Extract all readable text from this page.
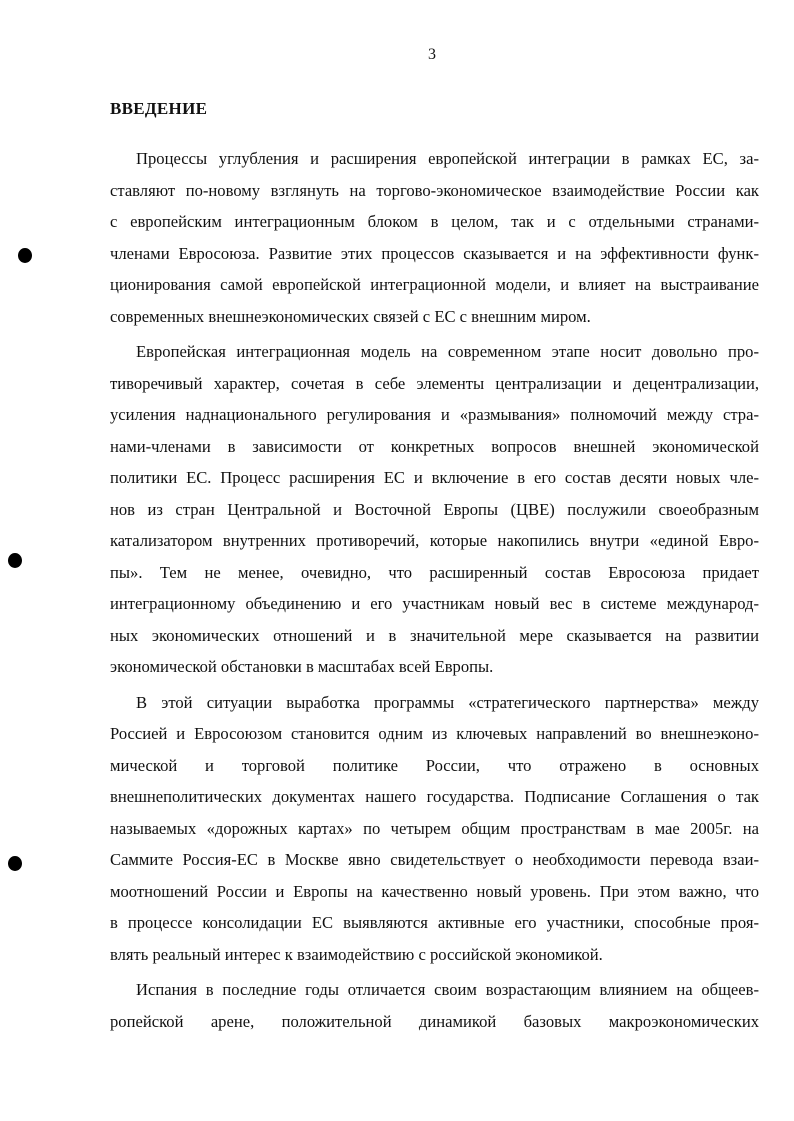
3
ВВЕДЕНИЕ
Процессы углубления и расширения европейской интеграции в рамках ЕС, за-
ставляют по-новому взглянуть на торгово-экономическое взаимодействие России как
с европейским интеграционным блоком в целом, так и с отдельными странами-
членами Евросоюза. Развитие этих процессов сказывается и на эффективности функ-
ционирования самой европейской интеграционной модели, и влияет на выстраивание
современных внешнеэкономических связей с ЕС с внешним миром.
Европейская интеграционная модель на современном этапе носит довольно про-
тиворечивый характер, сочетая в себе элементы централизации и децентрализации,
усиления наднационального регулирования и «размывания» полномочий между стра-
нами-членами в зависимости от конкретных вопросов внешней экономической
политики ЕС. Процесс расширения ЕС и включение в его состав десяти новых чле-
нов из стран Центральной и Восточной Европы (ЦВЕ) послужили своеобразным
катализатором внутренних противоречий, которые накопились внутри «единой Евро-
пы». Тем не менее, очевидно, что расширенный состав Евросоюза придает
интеграционному объединению и его участникам новый вес в системе международ-
ных экономических отношений и в значительной мере сказывается на развитии
экономической обстановки в масштабах всей Европы.
В этой ситуации выработка программы «стратегического партнерства» между
Россией и Евросоюзом становится одним из ключевых направлений во внешнеэконо-
мической и торговой политике России, что отражено в основных
внешнеполитических документах нашего государства. Подписание Соглашения о так
называемых «дорожных картах» по четырем общим пространствам в мае 2005г. на
Саммите Россия-ЕС в Москве явно свидетельствует о необходимости перевода взаи-
моотношений России и Европы на качественно новый уровень. При этом важно, что
в процессе консолидации ЕС выявляются активные его участники, способные проя-
влять реальный интерес к взаимодействию с российской экономикой.
Испания в последние годы отличается своим возрастающим влиянием на общеев-
ропейской арене, положительной динамикой базовых макроэкономических
